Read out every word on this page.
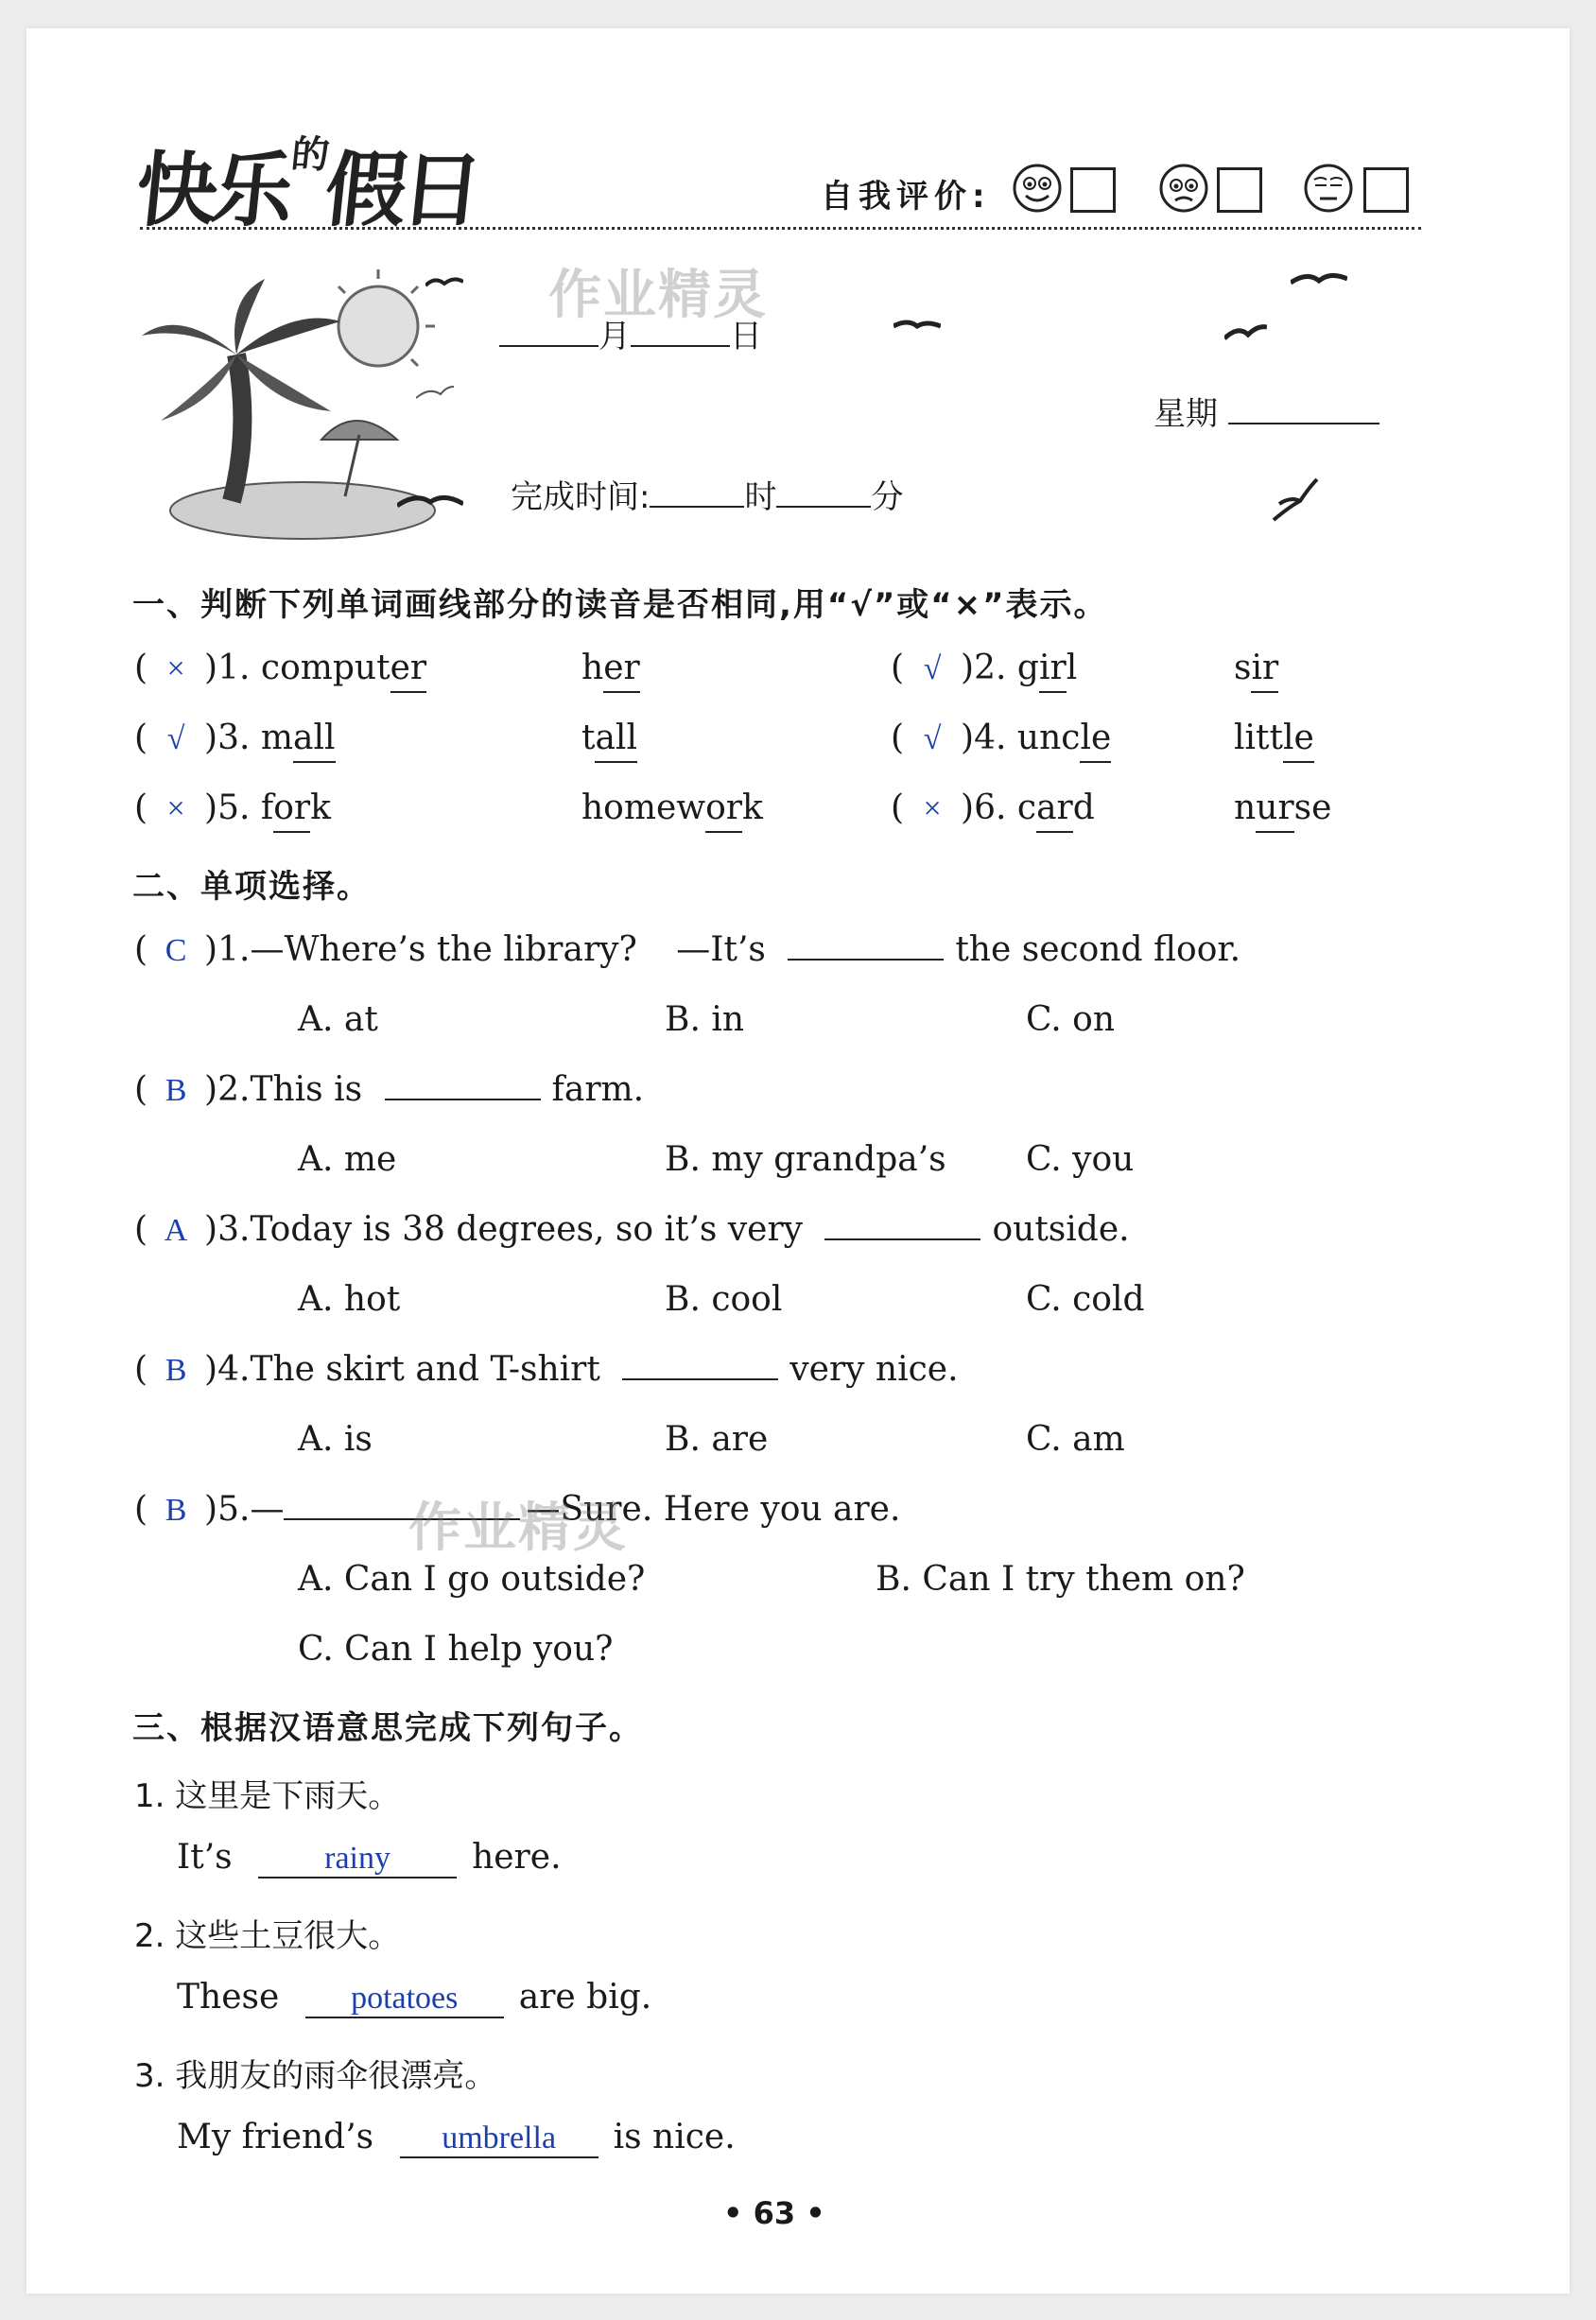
快乐$^的$假日	自我评价:
作业精灵
月	日
星期
完成时间:	时	分
一、判断下列单词画线部分的读音是否相同,用“√”或“×”表示。
( × )1. computer	her	( √ )2. girl	sir
( √ )3. mall	tall	( √ )4. uncle	little
( × )5. fork	homework	( × )6. card	nurse
二、单项选择。
( C )1.—Where’s the library? —It’s	the second floor.
A. at	B. in	C. on
( B )2.This is	farm.
A. me	B. my grandpa’s C. you
( A )3.Today is 38 degrees, so it’s very	outside.
A. hot	B. cool	C. cold
( B )4.The skirt and T-shirt	very nice.
A. is	B. are	C. am
( B )5.—	—Sure. Here you are.
作业精灵
A. Can I go outside?	B. Can I try them on?
C. Can I help you?
三、根据汉语意思完成下列句子。
1. 这里是下雨天。
It’s	rainy here.
2. 这些土豆很大。
These potatoes are big.
3. 我朋友的雨伞很漂亮。
My friend’s umbrella is nice.
• 63 •
